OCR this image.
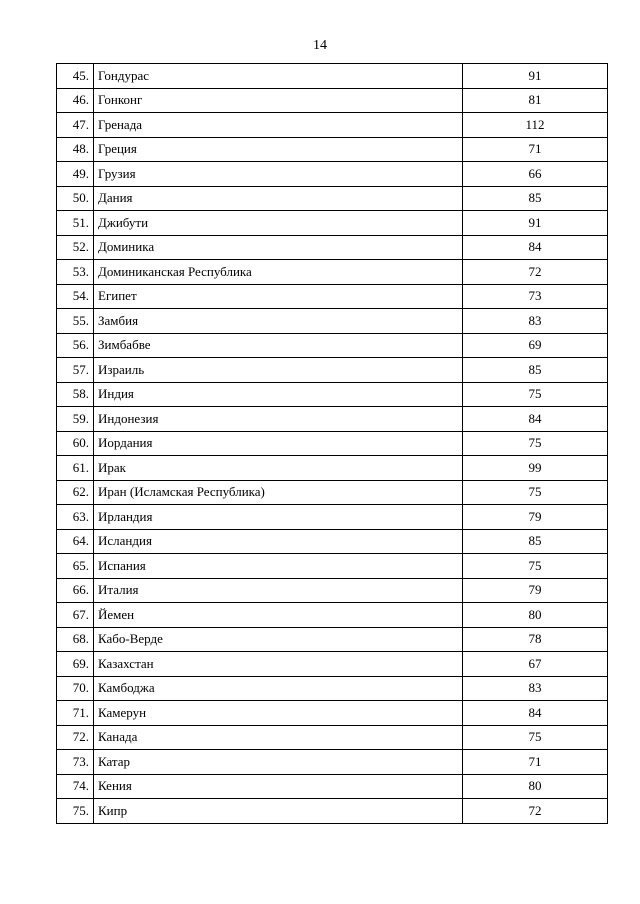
14
45.	Гондурас	91
46.	Гонконг	81
47.	Гренада	112
48.	Греция	71
49.	Грузия	66
50.	Дания	85
51.	Джибути	91
52.	Доминика	84
53.	Доминиканская Республика	72
54.	Египет	73
55.	Замбия	83
56.	Зимбабве	69
57.	Израиль	85
58.	Индия	75
59.	Индонезия	84
60.	Иордания	75
61.	Ирак	99
62.	Иран (Исламская Республика)	75
63.	Ирландия	79
64.	Исландия	85
65.	Испания	75
66.	Италия	79
67.	Йемен	80
68.	Кабо-Верде	78
69.	Казахстан	67
70.	Камбоджа	83
71.	Камерун	84
72.	Канада	75
73.	Катар	71
74.	Кения	80
75.	Кипр	72
